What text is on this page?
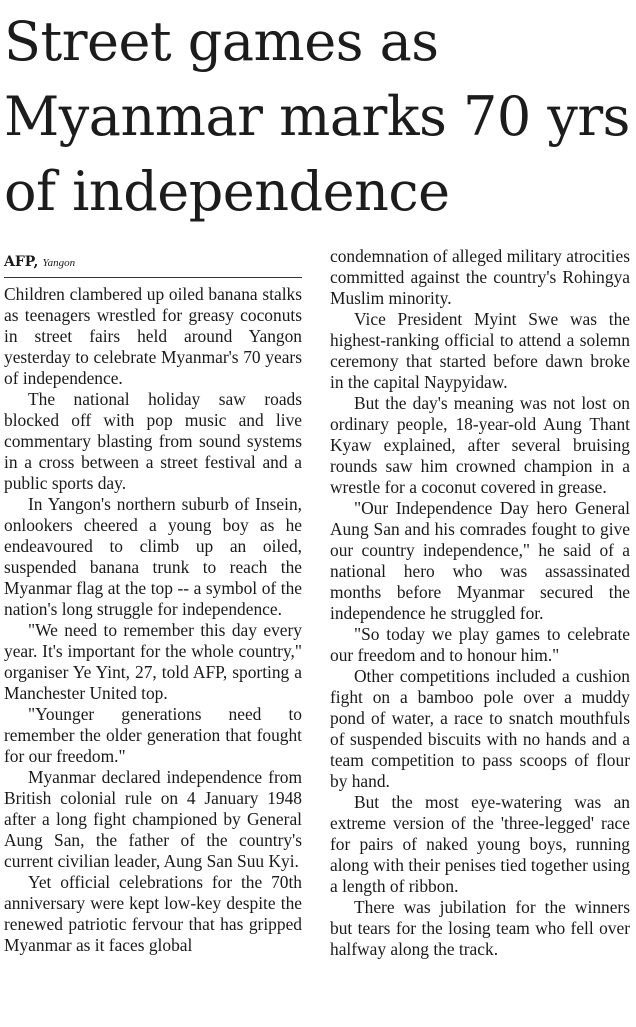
Street games as Myanmar marks 70 yrs of independence
AFP, Yangon

Children clambered up oiled banana stalks as teenagers wrestled for greasy coconuts in street fairs held around Yangon yesterday to celebrate Myanmar's 70 years of independence.

The national holiday saw roads blocked off with pop music and live commentary blasting from sound systems in a cross between a street festival and a public sports day.

In Yangon's northern suburb of Insein, onlookers cheered a young boy as he endeavoured to climb up an oiled, suspended banana trunk to reach the Myanmar flag at the top -- a symbol of the nation's long struggle for independence.

"We need to remember this day every year. It's important for the whole country," organiser Ye Yint, 27, told AFP, sporting a Manchester United top.

"Younger generations need to remember the older generation that fought for our freedom."

Myanmar declared independence from British colonial rule on 4 January 1948 after a long fight championed by General Aung San, the father of the country's current civilian leader, Aung San Suu Kyi.

Yet official celebrations for the 70th anniversary were kept low-key despite the renewed patriotic fervour that has gripped Myanmar as it faces global

condemnation of alleged military atrocities committed against the country's Rohingya Muslim minority.

Vice President Myint Swe was the highest-ranking official to attend a solemn ceremony that started before dawn broke in the capital Naypyidaw.

But the day's meaning was not lost on ordinary people, 18-year-old Aung Thant Kyaw explained, after several bruising rounds saw him crowned champion in a wrestle for a coconut covered in grease.

"Our Independence Day hero General Aung San and his comrades fought to give our country independence," he said of a national hero who was assassinated months before Myanmar secured the independence he struggled for.

"So today we play games to celebrate our freedom and to honour him."

Other competitions included a cushion fight on a bamboo pole over a muddy pond of water, a race to snatch mouthfuls of suspended biscuits with no hands and a team competition to pass scoops of flour by hand.

But the most eye-watering was an extreme version of the 'three-legged' race for pairs of naked young boys, running along with their penises tied together using a length of ribbon.

There was jubilation for the winners but tears for the losing team who fell over halfway along the track.
